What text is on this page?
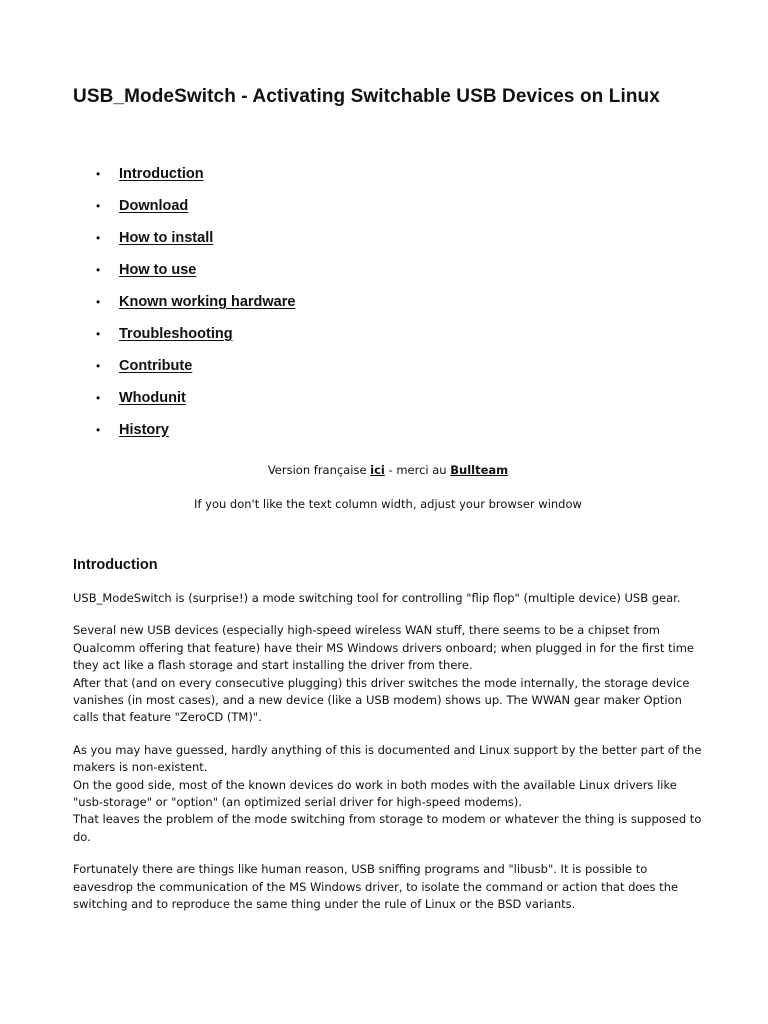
USB_ModeSwitch - Activating Switchable USB Devices on Linux
• Introduction
• Download
• How to install
• How to use
• Known working hardware
• Troubleshooting
• Contribute
• Whodunit
• History
Version française ici - merci au Bullteam
If you don't like the text column width, adjust your browser window
Introduction

USB_ModeSwitch is (surprise!) a mode switching tool for controlling "flip flop" (multiple device) USB gear.

Several new USB devices (especially high-speed wireless WAN stuff, there seems to be a chipset from Qualcomm offering that feature) have their MS Windows drivers onboard; when plugged in for the first time they act like a flash storage and start installing the driver from there.
After that (and on every consecutive plugging) this driver switches the mode internally, the storage device vanishes (in most cases), and a new device (like a USB modem) shows up. The WWAN gear maker Option calls that feature "ZeroCD (TM)".

As you may have guessed, hardly anything of this is documented and Linux support by the better part of the makers is non-existent.
On the good side, most of the known devices do work in both modes with the available Linux drivers like "usb-storage" or "option" (an optimized serial driver for high-speed modems).
That leaves the problem of the mode switching from storage to modem or whatever the thing is supposed to do.

Fortunately there are things like human reason, USB sniffing programs and "libusb". It is possible to eavesdrop the communication of the MS Windows driver, to isolate the command or action that does the switching and to reproduce the same thing under the rule of Linux or the BSD variants.
